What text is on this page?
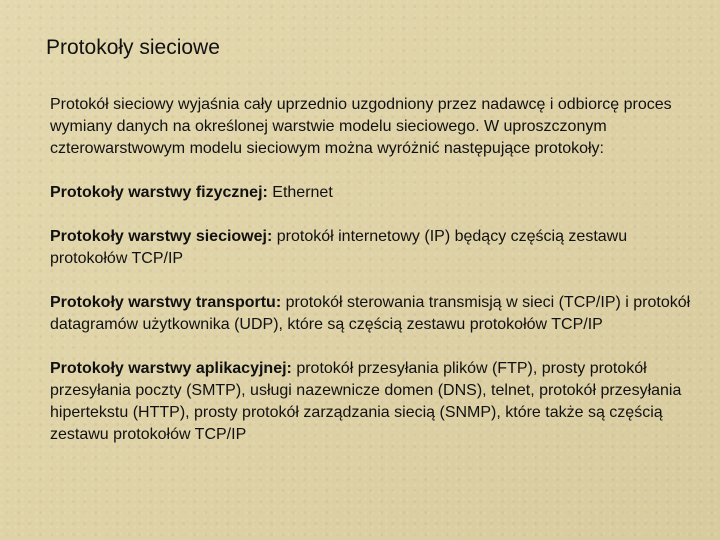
Protokoły sieciowe

Protokół sieciowy wyjaśnia cały uprzednio uzgodniony przez nadawcę i odbiorcę proces wymiany danych na określonej warstwie modelu sieciowego. W uproszczonym czterowarstwowym modelu sieciowym można wyróżnić następujące protokoły:

Protokoły warstwy fizycznej: Ethernet

Protokoły warstwy sieciowej: protokół internetowy (IP) będący częścią zestawu protokołów TCP/IP

Protokoły warstwy transportu: protokół sterowania transmisją w sieci (TCP/IP) i protokół datagramów użytkownika (UDP), które są częścią zestawu protokołów TCP/IP

Protokoły warstwy aplikacyjnej: protokół przesyłania plików (FTP), prosty protokół przesyłania poczty (SMTP), usługi nazewnicze domen (DNS), telnet, protokół przesyłania hipertekstu (HTTP), prosty protokół zarządzania siecią (SNMP), które także są częścią zestawu protokołów TCP/IP
